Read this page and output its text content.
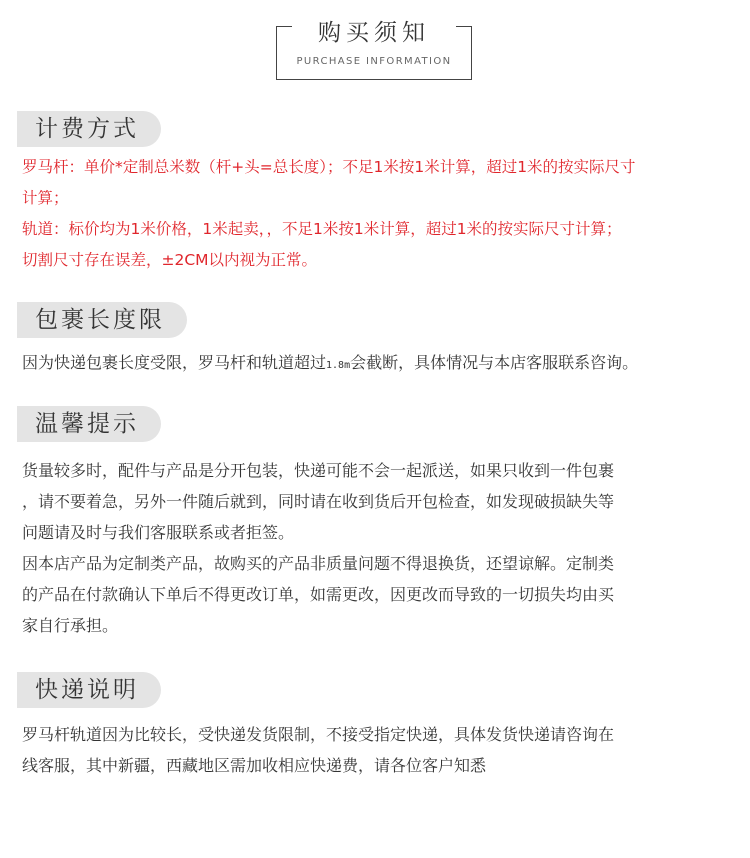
购买须知
PURCHASE INFORMATION
计费方式
罗马杆：单价*定制总米数（杆+头=总长度）；不足1米按1米计算，超过1米的按实际尺寸
计算；
轨道：标价均为1米价格，1米起卖，，不足1米按1米计算，超过1米的按实际尺寸计算；
切割尺寸存在误差，±2CM以内视为正常。
包裹长度限
因为快递包裹长度受限，罗马杆和轨道超过1.8m会截断，具体情况与本店客服联系咨询。
温馨提示
货量较多时，配件与产品是分开包装，快递可能不会一起派送，如果只收到一件包裹
，请不要着急，另外一件随后就到，同时请在收到货后开包检查，如发现破损缺失等
问题请及时与我们客服联系或者拒签。
因本店产品为定制类产品，故购买的产品非质量问题不得退换货，还望谅解。定制类
的产品在付款确认下单后不得更改订单，如需更改，因更改而导致的一切损失均由买
家自行承担。
快递说明
罗马杆轨道因为比较长，受快递发货限制，不接受指定快递，具体发货快递请咨询在
线客服，其中新疆，西藏地区需加收相应快递费，请各位客户知悉
